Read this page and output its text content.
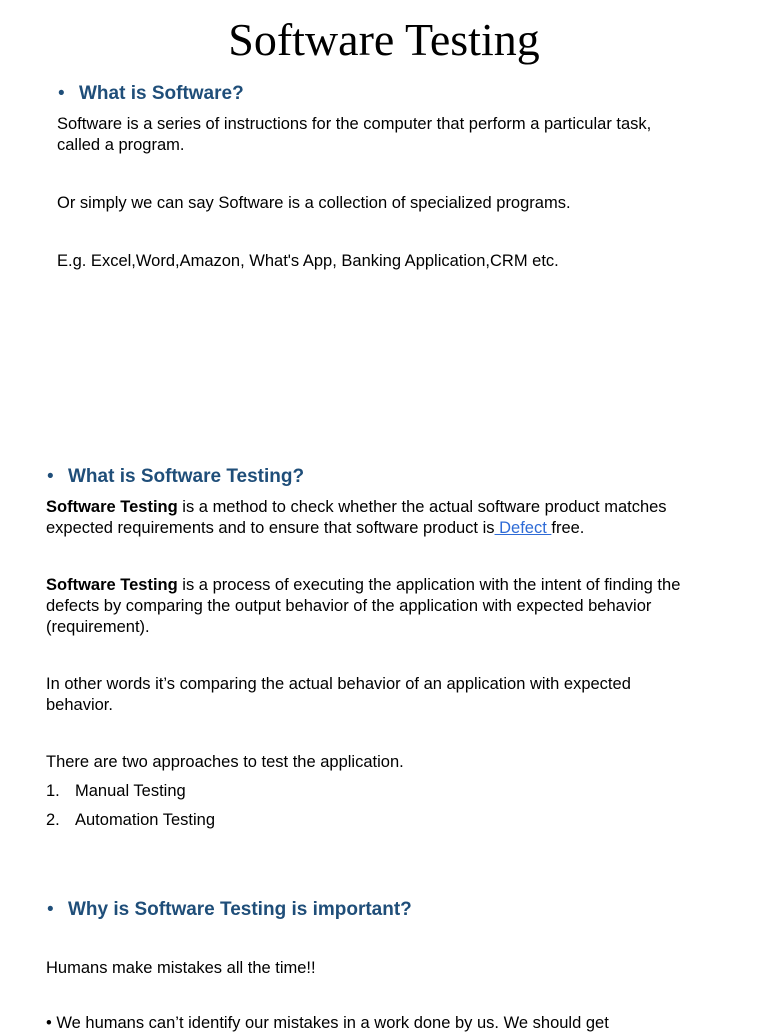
Software Testing
• What is Software?
Software is a series of instructions for the computer that perform a particular task, called a program.
Or simply we can say Software is a collection of specialized programs.
E.g. Excel,Word,Amazon, What's App, Banking Application,CRM etc.
• What is Software Testing?
Software Testing is a method to check whether the actual software product matches expected requirements and to ensure that software product is Defect free.
Software Testing is a process of executing the application with the intent of finding the defects by comparing the output behavior of the application with expected behavior (requirement).
In other words it’s comparing the actual behavior of an application with expected behavior.
There are two approaches to test the application.
1. Manual Testing
2. Automation Testing
• Why is Software Testing is important?
Humans make mistakes all the time!!
• We humans can’t identify our mistakes in a work done by us. We should get
